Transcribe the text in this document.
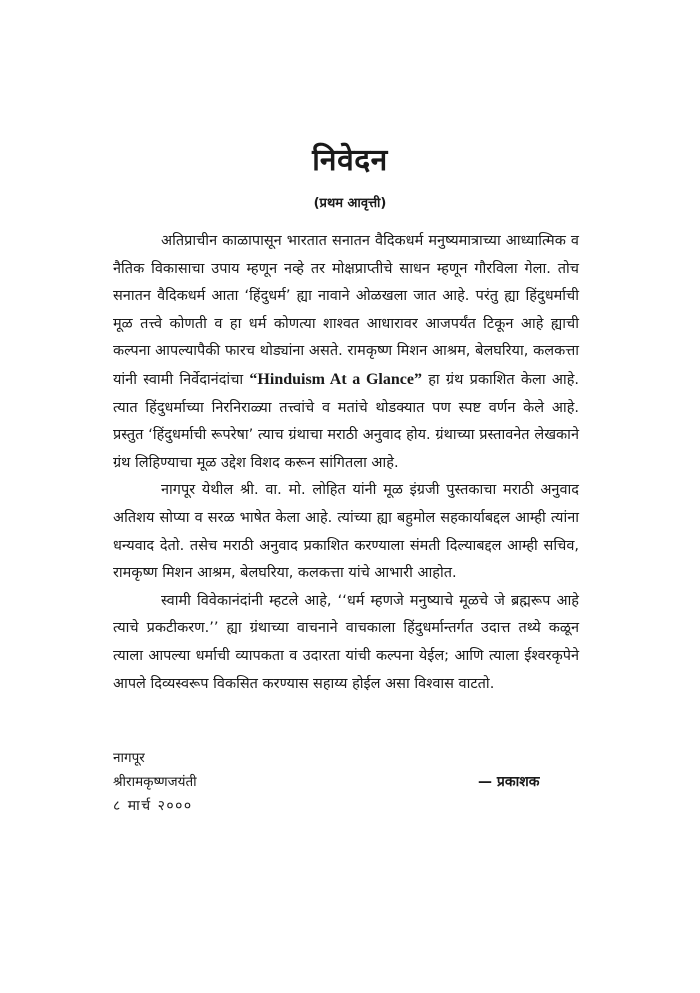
निवेदन
(प्रथम आवृत्ती)

अतिप्राचीन काळापासून भारतात सनातन वैदिकधर्म मनुष्यमात्राच्या आध्यात्मिक व नैतिक विकासाचा उपाय म्हणून नव्हे तर मोक्षप्राप्तीचे साधन म्हणून गौरविला गेला. तोच सनातन वैदिकधर्म आता ‘हिंदुधर्म’ ह्या नावाने ओळखला जात आहे. परंतु ह्या हिंदुधर्माची मूळ तत्त्वे कोणती व हा धर्म कोणत्या शाश्वत आधारावर आजपर्यंत टिकून आहे ह्याची कल्पना आपल्यापैकी फारच थोड्यांना असते. रामकृष्ण मिशन आश्रम, बेलघरिया, कलकत्ता यांनी स्वामी निर्वेदानंदांचा “Hinduism At a Glance” हा ग्रंथ प्रकाशित केला आहे. त्यात हिंदुधर्माच्या निरनिराळ्या तत्त्वांचे व मतांचे थोडक्यात पण स्पष्ट वर्णन केले आहे. प्रस्तुत ‘हिंदुधर्माची रूपरेषा’ त्याच ग्रंथाचा मराठी अनुवाद होय. ग्रंथाच्या प्रस्तावनेत लेखकाने ग्रंथ लिहिण्याचा मूळ उद्देश विशद करून सांगितला आहे.

नागपूर येथील श्री. वा. मो. लोहित यांनी मूळ इंग्रजी पुस्तकाचा मराठी अनुवाद अतिशय सोप्या व सरळ भाषेत केला आहे. त्यांच्या ह्या बहुमोल सहकार्याबद्दल आम्ही त्यांना धन्यवाद देतो. तसेच मराठी अनुवाद प्रकाशित करण्याला संमती दिल्याबद्दल आम्ही सचिव, रामकृष्ण मिशन आश्रम, बेलघरिया, कलकत्ता यांचे आभारी आहोत.

स्वामी विवेकानंदांनी म्हटले आहे, ‘‘धर्म म्हणजे मनुष्याचे मूळचे जे ब्रह्मरूप आहे त्याचे प्रकटीकरण.’’ ह्या ग्रंथाच्या वाचनाने वाचकाला हिंदुधर्मान्तर्गत उदात्त तथ्ये कळून त्याला आपल्या धर्माची व्यापकता व उदारता यांची कल्पना येईल; आणि त्याला ईश्वरकृपेने आपले दिव्यस्वरूप विकसित करण्यास सहाय्य होईल असा विश्वास वाटतो.

नागपूर
श्रीरामकृष्णजयंती
८ मार्च २०००
— प्रकाशक
